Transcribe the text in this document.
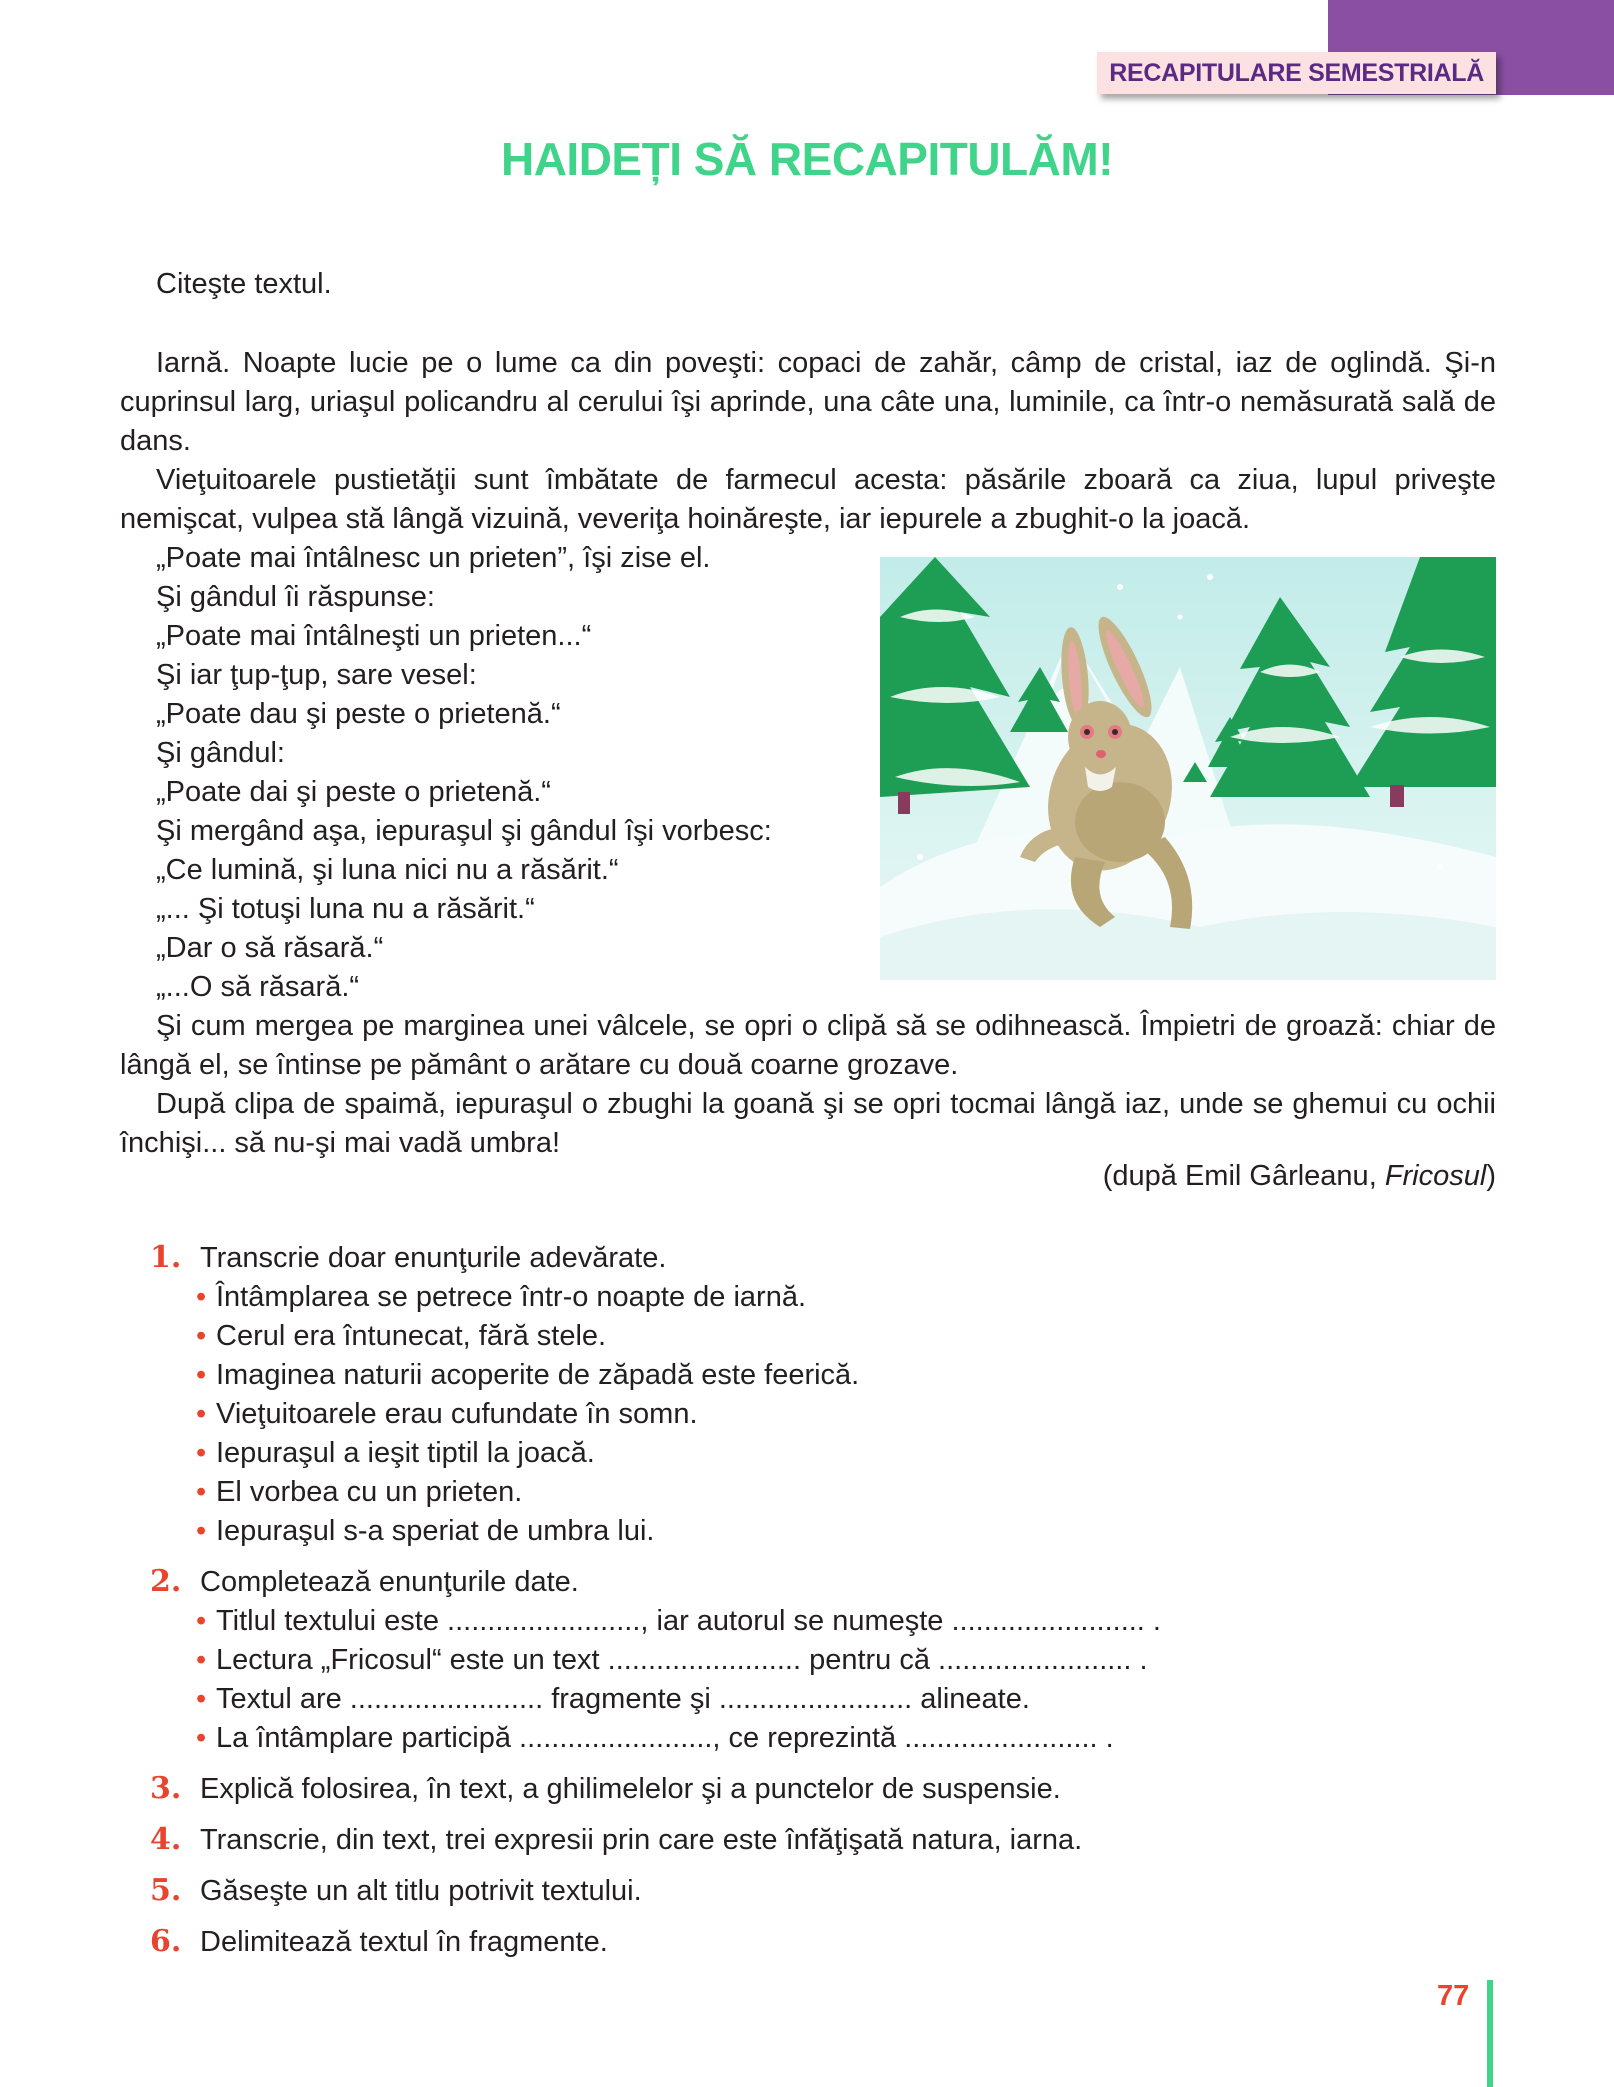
RECAPITULARE SEMESTRIALĂ
HAIDEȚI SĂ RECAPITULĂM!
Citeşte textul.

Iarnă. Noapte lucie pe o lume ca din poveşti: copaci de zahăr, câmp de cristal, iaz de oglindă. Şi-n cuprinsul larg, uriaşul policandru al cerului îşi aprinde, una câte una, luminile, ca într-o nemăsurată sală de dans.

Vieţuitoarele pustietăţii sunt îmbătate de farmecul acesta: păsările zboară ca ziua, lupul priveşte nemişcat, vulpea stă lângă vizuină, veveriţa hoinăreşte, iar iepurele a zbughit-o la joacă.

„Poate mai întâlnesc un prieten”, îşi zise el.
Şi gândul îi răspunse:
„Poate mai întâlneşti un prieten...“
Şi iar ţup-ţup, sare vesel:
„Poate dau şi peste o prietenă.“
Şi gândul:
„Poate dai şi peste o prietenă.“
Şi mergând aşa, iepuraşul şi gândul îşi vorbesc:
„Ce lumină, şi luna nici nu a răsărit.“
„... Şi totuşi luna nu a răsărit.“
„Dar o să răsară.“
„...O să răsară.“

Şi cum mergea pe marginea unei vâlcele, se opri o clipă să se odihnească. Împietri de groază: chiar de lângă el, se întinse pe pământ o arătare cu două coarne grozave.

După clipa de spaimă, iepuraşul o zbughi la goană şi se opri tocmai lângă iaz, unde se ghemui cu ochii închişi... să nu-şi mai vadă umbra!

(după Emil Gârleanu, Fricosul)
1. Transcrie doar enunţurile adevărate.
• Întâmplarea se petrece într-o noapte de iarnă.
• Cerul era întunecat, fără stele.
• Imaginea naturii acoperite de zăpadă este feerică.
• Vieţuitoarele erau cufundate în somn.
• Iepuraşul a ieşit tiptil la joacă.
• El vorbea cu un prieten.
• Iepuraşul s-a speriat de umbra lui.
2. Completează enunţurile date.
• Titlul textului este ........................, iar autorul se numeşte ........................ .
• Lectura „Fricosul“ este un text ........................ pentru că ........................ .
• Textul are ........................ fragmente şi ........................ alineate.
• La întâmplare participă ........................, ce reprezintă ........................ .
3. Explică folosirea, în text, a ghilimelelor şi a punctelor de suspensie.
4. Transcrie, din text, trei expresii prin care este înfăţişată natura, iarna.
5. Găseşte un alt titlu potrivit textului.
6. Delimitează textul în fragmente.
77
